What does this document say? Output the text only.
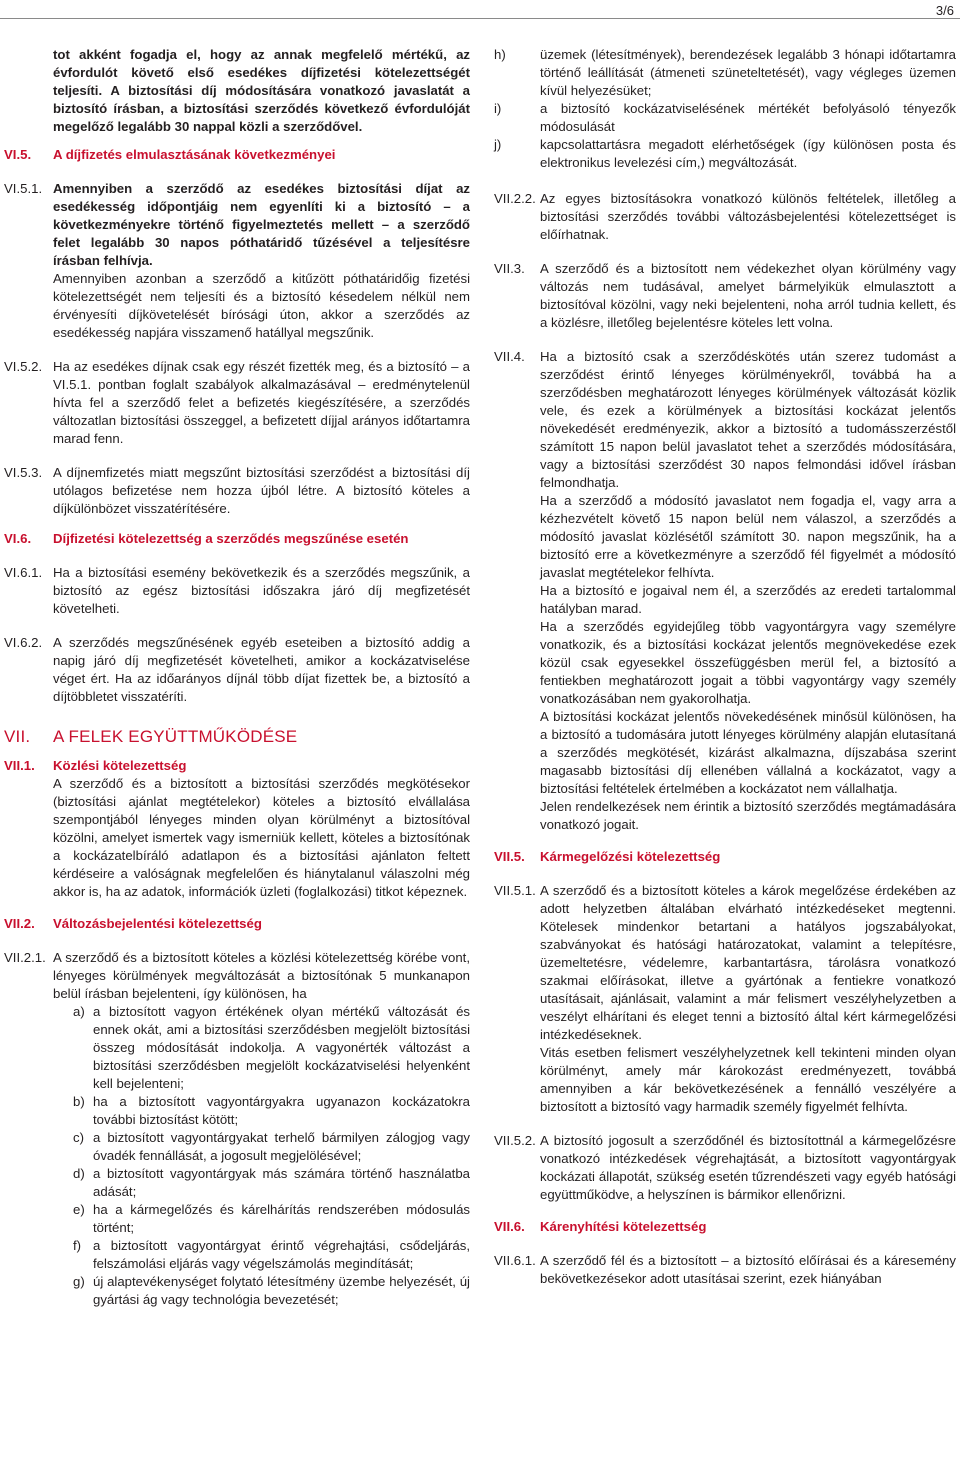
3/6

tot akként fogadja el, hogy az annak megfelelő mértékű, az évfordulót követő első esedékes díjfizetési kötelezettségét teljesíti. A biztosítási díj módosítására vonatkozó javaslatát a biztosító írásban, a biztosítási szerződés következő évfordulóját megelőző legalább 30 nappal közli a szerződővel.

VI.5. A díjfizetés elmulasztásának következményei
VI.5.1. Amennyiben a szerződő az esedékes biztosítási díjat az esedékesség időpontjáig nem egyenlíti ki a biztosító – a következményekre történő figyelmeztetés mellett – a szerződő felet legalább 30 napos póthatáridő tűzésével a teljesítésre írásban felhívja.

Amennyiben azonban a szerződő a kitűzött póthatáridőig fizetési kötelezettségét nem teljesíti és a biztosító késedelem nélkül nem érvényesíti díjkövetelését bírósági úton, akkor a szerződés az esedékesség napjára visszamenő hatállyal megszűnik.

VI.5.2. Ha az esedékes díjnak csak egy részét fizették meg, és a biztosító – a VI.5.1. pontban foglalt szabályok alkalmazásával – eredménytelenül hívta fel a szerződő felet a befizetés kiegészítésére, a szerződés változatlan biztosítási összeggel, a befizetett díjjal arányos időtartamra marad fenn.
VI.5.3. A díjnemfizetés miatt megszűnt biztosítási szerződést a biztosítási díj utólagos befizetése nem hozza újból létre. A biztosító köteles a díjkülönbözet visszatérítésére.
VI.6. Díjfizetési kötelezettség a szerződés megszűnése esetén
VI.6.1. Ha a biztosítási esemény bekövetkezik és a szerződés megszűnik, a biztosító az egész biztosítási időszakra járó díj megfizetését követelheti.
VI.6.2. A szerződés megszűnésének egyéb eseteiben a biztosító addig a napig járó díj megfizetését követelheti, amikor a kockázatviselése véget ért. Ha az időarányos díjnál több díjat fizettek be, a biztosító a díjtöbbletet visszatéríti.
VII. A FELEK EGYÜTTMŰKÖDÉSE
VII.1. Közlési kötelezettség

A szerződő és a biztosított a biztosítási szerződés megkötésekor (biztosítási ajánlat megtételekor) köteles a biztosító elvállalása szempontjából lényeges minden olyan körülményt a biztosítóval közölni, amelyet ismertek vagy ismerniük kellett, köteles a biztosítónak a kockázatelbíráló adatlapon és a biztosítási ajánlaton feltett kérdéseire a valóságnak megfelelően és hiánytalanul válaszolni még akkor is, ha az adatok, információk üzleti (foglalkozási) titkot képeznek.

VII.2. Változásbejelentési kötelezettség
VII.2.1. A szerződő és a biztosított köteles a közlési kötelezettség körébe vont, lényeges körülmények megváltozását a biztosítónak 5 munkanapon belül írásban bejelenteni, így különösen, ha
a) a biztosított vagyon értékének olyan mértékű változását és ennek okát, ami a biztosítási szerződésben megjelölt biztosítási összeg módosítását indokolja. A vagyonérték változást a biztosítási szerződésben megjelölt kockázatviselési helyenként kell bejelenteni;
b) ha a biztosított vagyontárgyakra ugyanazon kockázatokra további biztosítást kötött;
c) a biztosított vagyontárgyakat terhelő bármilyen zálogjog vagy óvadék fennállását, a jogosult megjelölésével;
d) a biztosított vagyontárgyak más számára történő használatba adását;
e) ha a kármegelőzés és kárelhárítás rendszerében módosulás történt;
f) a biztosított vagyontárgyat érintő végrehajtási, csődeljárás, felszámolási eljárás vagy végelszámolás megindítását;
g) új alaptevékenységet folytató létesítmény üzembe helyezését, új gyártási ág vagy technológia bevezetését;
h)	üzemek (létesítmények), berendezések legalább 3 hónapi időtartamra történő leállítását (átmeneti szüneteltetését), vagy végleges üzemen kívül helyezésüket;
i)	a biztosító kockázatviselésének mértékét befolyásoló tényezők módosulását
j)	kapcsolattartásra megadott elérhetőségek (így különösen posta és elektronikus levelezési cím,) megváltozását.
VII.2.2. Az egyes biztosításokra vonatkozó különös feltételek, illetőleg a biztosítási szerződés további változásbejelentési kötelezettséget is előírhatnak.
VII.3. A szerződő és a biztosított nem védekezhet olyan körülmény vagy változás nem tudásával, amelyet bármelyikük elmulasztott a biztosítóval közölni, vagy neki bejelenteni, noha arról tudnia kellett, és a közlésre, illetőleg bejelentésre köteles lett volna.
VII.4. Ha a biztosító csak a szerződéskötés után szerez tudomást a szerződést érintő lényeges körülményekről, továbbá ha a szerződésben meghatározott lényeges körülmények változását közlik vele, és ezek a körülmények a biztosítási kockázat jelentős növekedését eredményezik, akkor a biztosító a tudomásszerzéstől számított 15 napon belül javaslatot tehet a szerződés módosítására, vagy a biztosítási szerződést 30 napos felmondási idővel írásban felmondhatja.

Ha a szerződő a módosító javaslatot nem fogadja el, vagy arra a kézhezvételt követő 15 napon belül nem válaszol, a szerződés a módosító javaslat közlésétől számított 30. napon megszűnik, ha a biztosító erre a következményre a szerződő fél figyelmét a módosító javaslat megtételekor felhívta.

Ha a biztosító e jogaival nem él, a szerződés az eredeti tartalommal hatályban marad.

Ha a szerződés egyidejűleg több vagyontárgyra vagy személyre vonatkozik, és a biztosítási kockázat jelentős megnövekedése ezek közül csak egyesekkel összefüggésben merül fel, a biztosító a fentiekben meghatározott jogait a többi vagyontárgy vagy személy vonatkozásában nem gyakorolhatja.

A biztosítási kockázat jelentős növekedésének minősül különösen, ha a biztosító a tudomására jutott lényeges körülmény alapján elutasítaná a szerződés megkötését, kizárást alkalmazna, díjszabása szerint magasabb biztosítási díj ellenében vállalná a kockázatot, vagy a biztosítási feltételek értelmében a kockázatot nem vállalhatja.

Jelen rendelkezések nem érintik a biztosító szerződés megtámadására vonatkozó jogait.

VII.5. Kármegelőzési kötelezettség
VII.5.1. A szerződő és a biztosított köteles a károk megelőzése érdekében az adott helyzetben általában elvárható intézkedéseket megtenni. Kötelesek mindenkor betartani a hatályos jogszabályokat, szabványokat és hatósági határozatokat, valamint a telepítésre, üzemeltetésre, védelemre, karbantartásra, tárolásra vonatkozó szakmai előírásokat, illetve a gyártónak a fentiekre vonatkozó utasításait, ajánlásait, valamint a már felismert veszélyhelyzetben a veszélyt elhárítani és eleget tenni a biztosító által kért kármegelőzési intézkedéseknek.

Vitás esetben felismert veszélyhelyzetnek kell tekinteni minden olyan körülményt, amely már károkozást eredményezett, továbbá amennyiben a kár bekövetkezésének a fennálló veszélyére a biztosított a biztosító vagy harmadik személy figyelmét felhívta.

VII.5.2. A biztosító jogosult a szerződőnél és biztosítottnál a kármegelőzésre vonatkozó intézkedések végrehajtását, a biztosított vagyontárgyak kockázati állapotát, szükség esetén tűzrendészeti vagy egyéb hatósági együttműködve, a helyszínen is bármikor ellenőrizni.
VII.6. Kárenyhítési kötelezettség
VII.6.1. A szerződő fél és a biztosított – a biztosító előírásai és a káresemény bekövetkezésekor adott utasításai szerint, ezek hiányában
